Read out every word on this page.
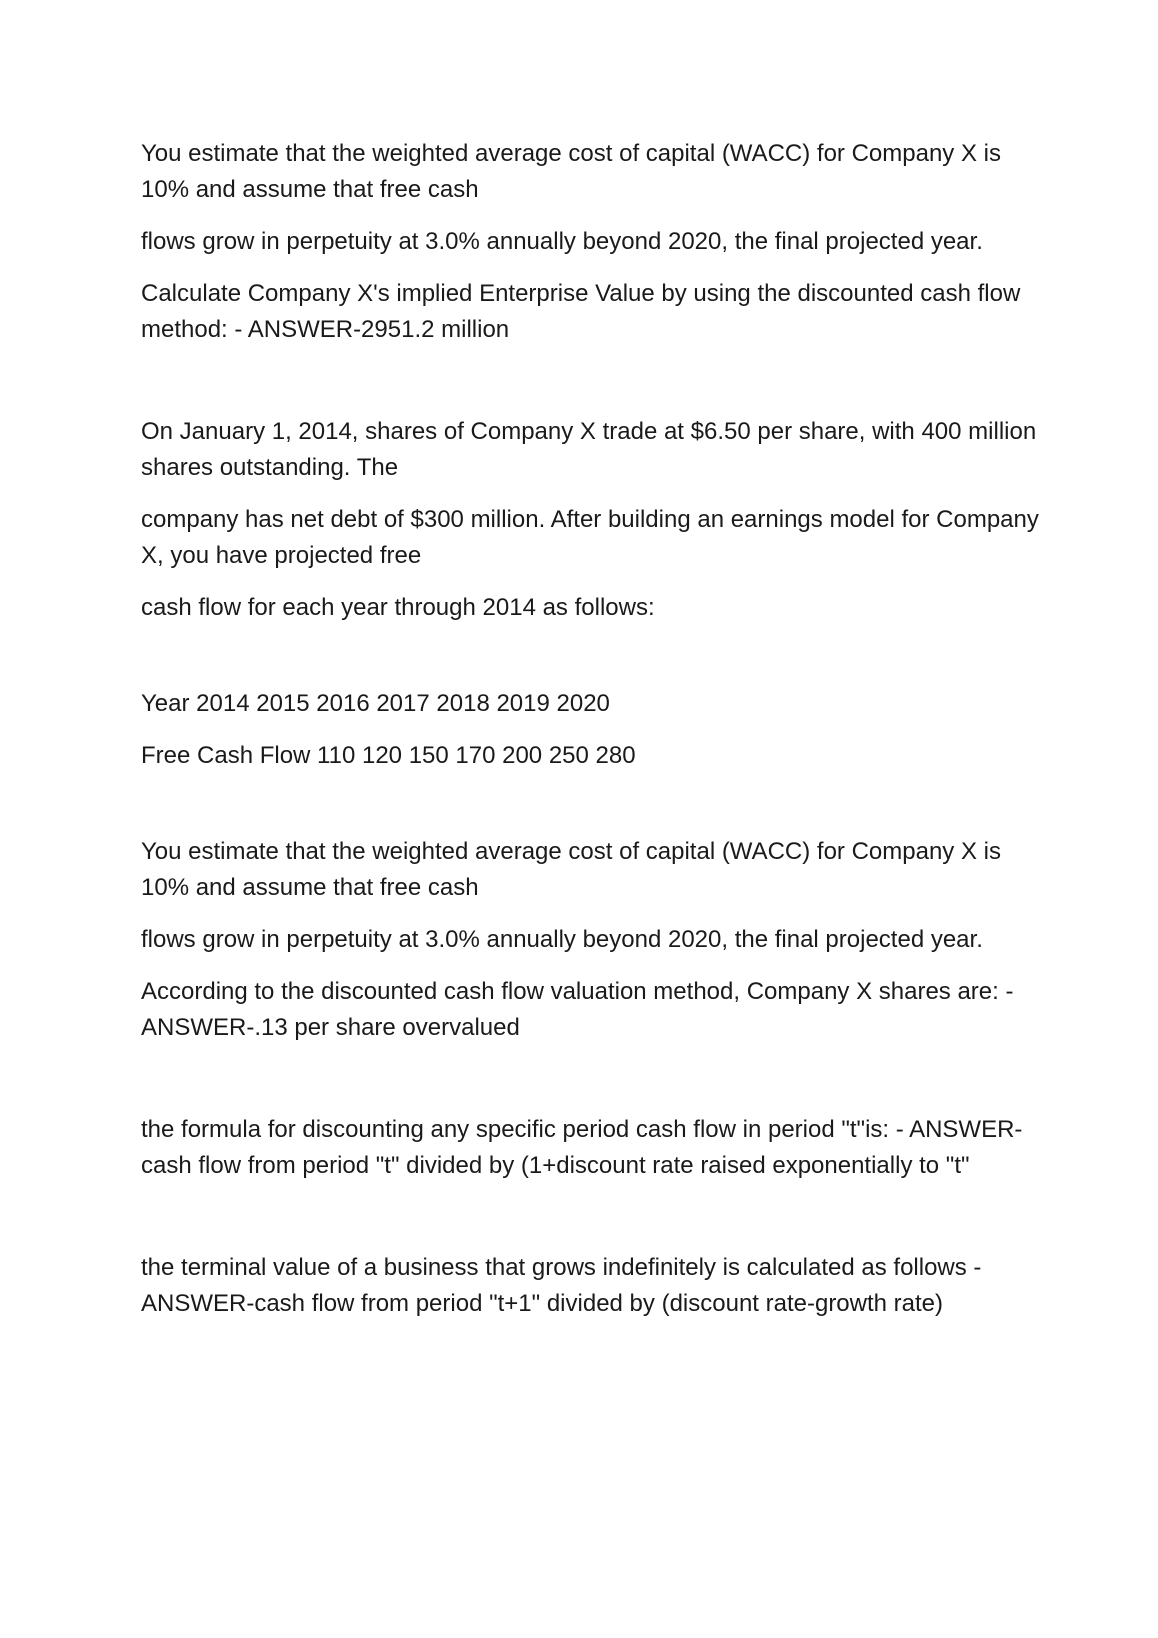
You estimate that the weighted average cost of capital (WACC) for Company X is 10% and assume that free cash

flows grow in perpetuity at 3.0% annually beyond 2020, the final projected year.

Calculate Company X's implied Enterprise Value by using the discounted cash flow method: - ANSWER-2951.2 million

On January 1, 2014, shares of Company X trade at $6.50 per share, with 400 million shares outstanding. The

company has net debt of $300 million. After building an earnings model for Company X, you have projected free

cash flow for each year through 2014 as follows:

Year 2014 2015 2016 2017 2018 2019 2020

Free Cash Flow 110 120 150 170 200 250 280

You estimate that the weighted average cost of capital (WACC) for Company X is 10% and assume that free cash

flows grow in perpetuity at 3.0% annually beyond 2020, the final projected year.

According to the discounted cash flow valuation method, Company X shares are: - ANSWER-.13 per share overvalued

the formula for discounting any specific period cash flow in period "t"is: - ANSWER-cash flow from period "t" divided by (1+discount rate raised exponentially to "t"

the terminal value of a business that grows indefinitely is calculated as follows - ANSWER-cash flow from period "t+1" divided by (discount rate-growth rate)
